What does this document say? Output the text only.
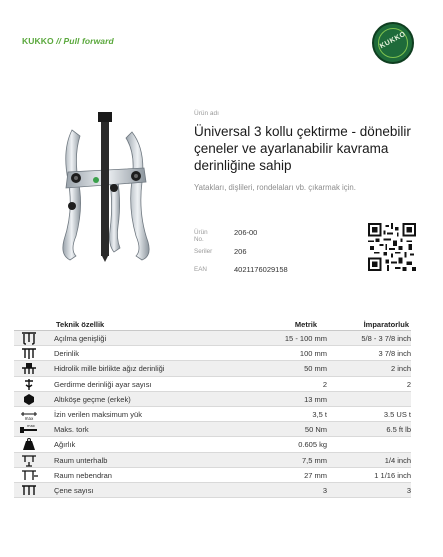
KUKKO // Pull forward	KUKKO
Ürün adı
Üniversal 3 kollu çektirme - dönebilir çeneler ve ayarlanabilir kavrama derinliğine sahip
Yatakları, dişlileri, rondelaları vb. çıkarmak için.
Ürün No.
206-00
Seriler	206
EAN	4021176029158
Teknik özellik	Metrik	İmparatorluk
Açılma genişliği	15 - 100 mm	5/8 - 3 7/8 inch
Derinlik	100 mm	3 7/8 inch
Hidrolik mille birlikte ağız derinliği	50 mm	2 inch
Gerdirme derinliği ayar sayısı	2	2
Altıköşe geçme (erkek)	13 mm
max	İzin verilen maksimum yük	3,5 t	3.5 US t
max	Maks. tork	50 Nm	6.5 ft lb
Ağırlık	0.605 kg
Raum unterhalb	7,5 mm	1/4 inch
Raum nebendran	27 mm	1 1/16 inch
Çene sayısı	3	3
